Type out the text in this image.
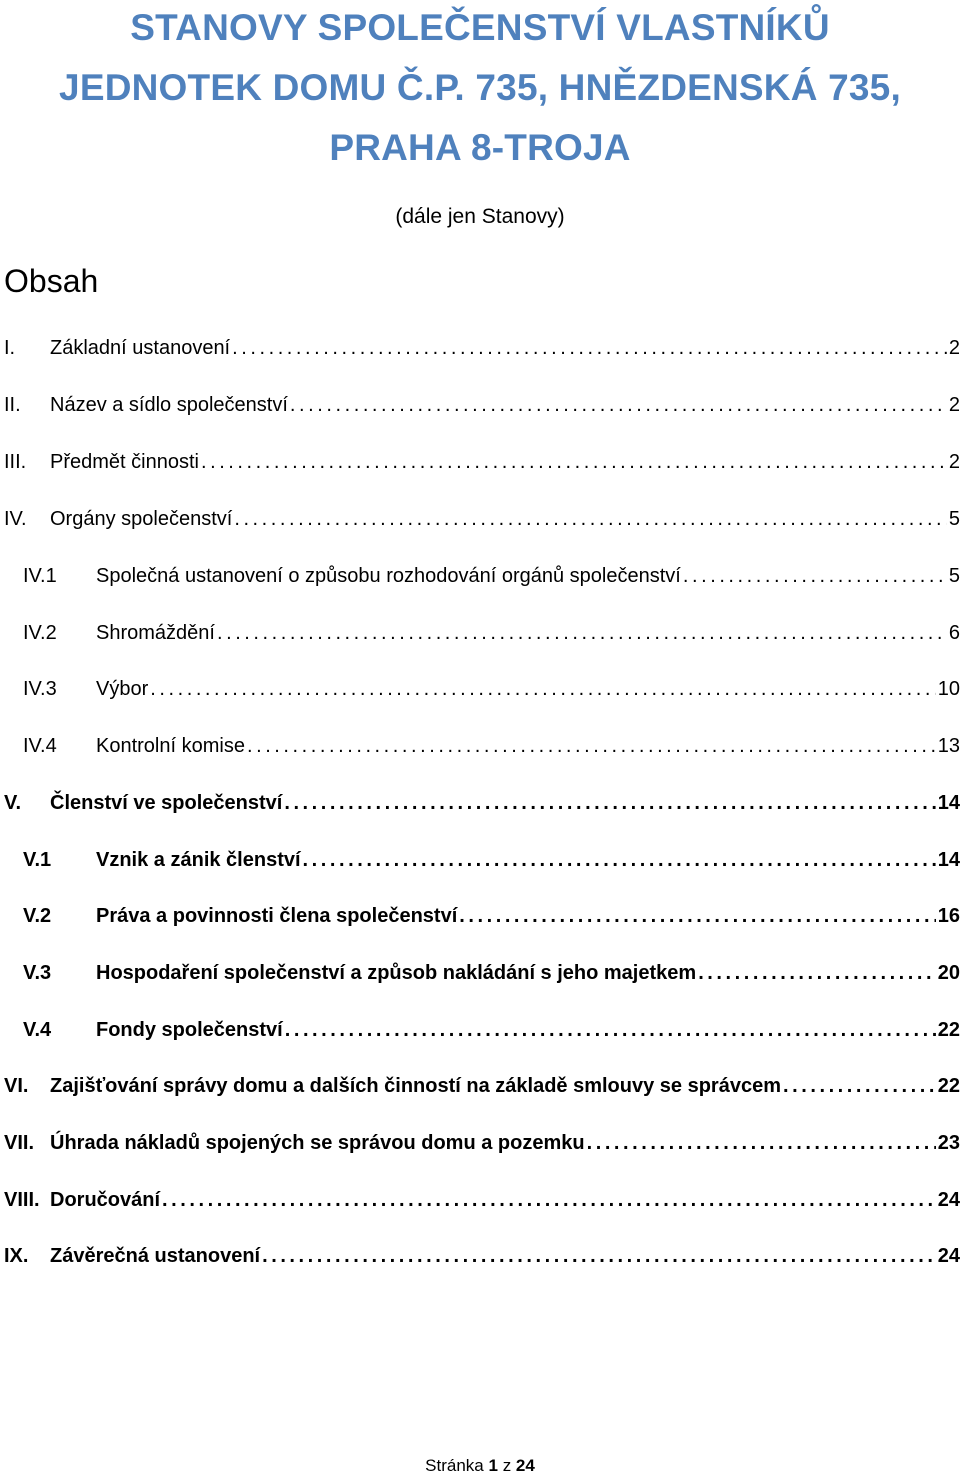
STANOVY SPOLEČENSTVÍ VLASTNÍKŮ
JEDNOTEK DOMU Č.P. 735, HNĚZDENSKÁ 735,
PRAHA 8-TROJA
(dále jen Stanovy)
Obsah
I. Základní ustanovení . . .	2
II. Název a sídlo společenství . . .	2
III. Předmět činnosti . . .	2
IV. Orgány společenství . . .	5
IV.1 Společná ustanovení o způsobu rozhodování orgánů společenství . . .	5
IV.2 Shromáždění . . .	6
IV.3 Výbor . . .	10
IV.4 Kontrolní komise . . .	13
V. Členství ve společenství . . .	14
V.1 Vznik a zánik členství . . .	14
V.2 Práva a povinnosti člena společenství . . .	16
V.3 Hospodaření společenství a způsob nakládání s jeho majetkem . . .	20
V.4 Fondy společenství . . .	22
VI. Zajišťování správy domu a dalších činností na základě smlouvy se správcem . . .	22
VII. Úhrada nákladů spojených se správou domu a pozemku . . .	23
VIII. Doručování . . .	24
IX. Závěrečná ustanovení . . .	24
Stránka 1 z 24
